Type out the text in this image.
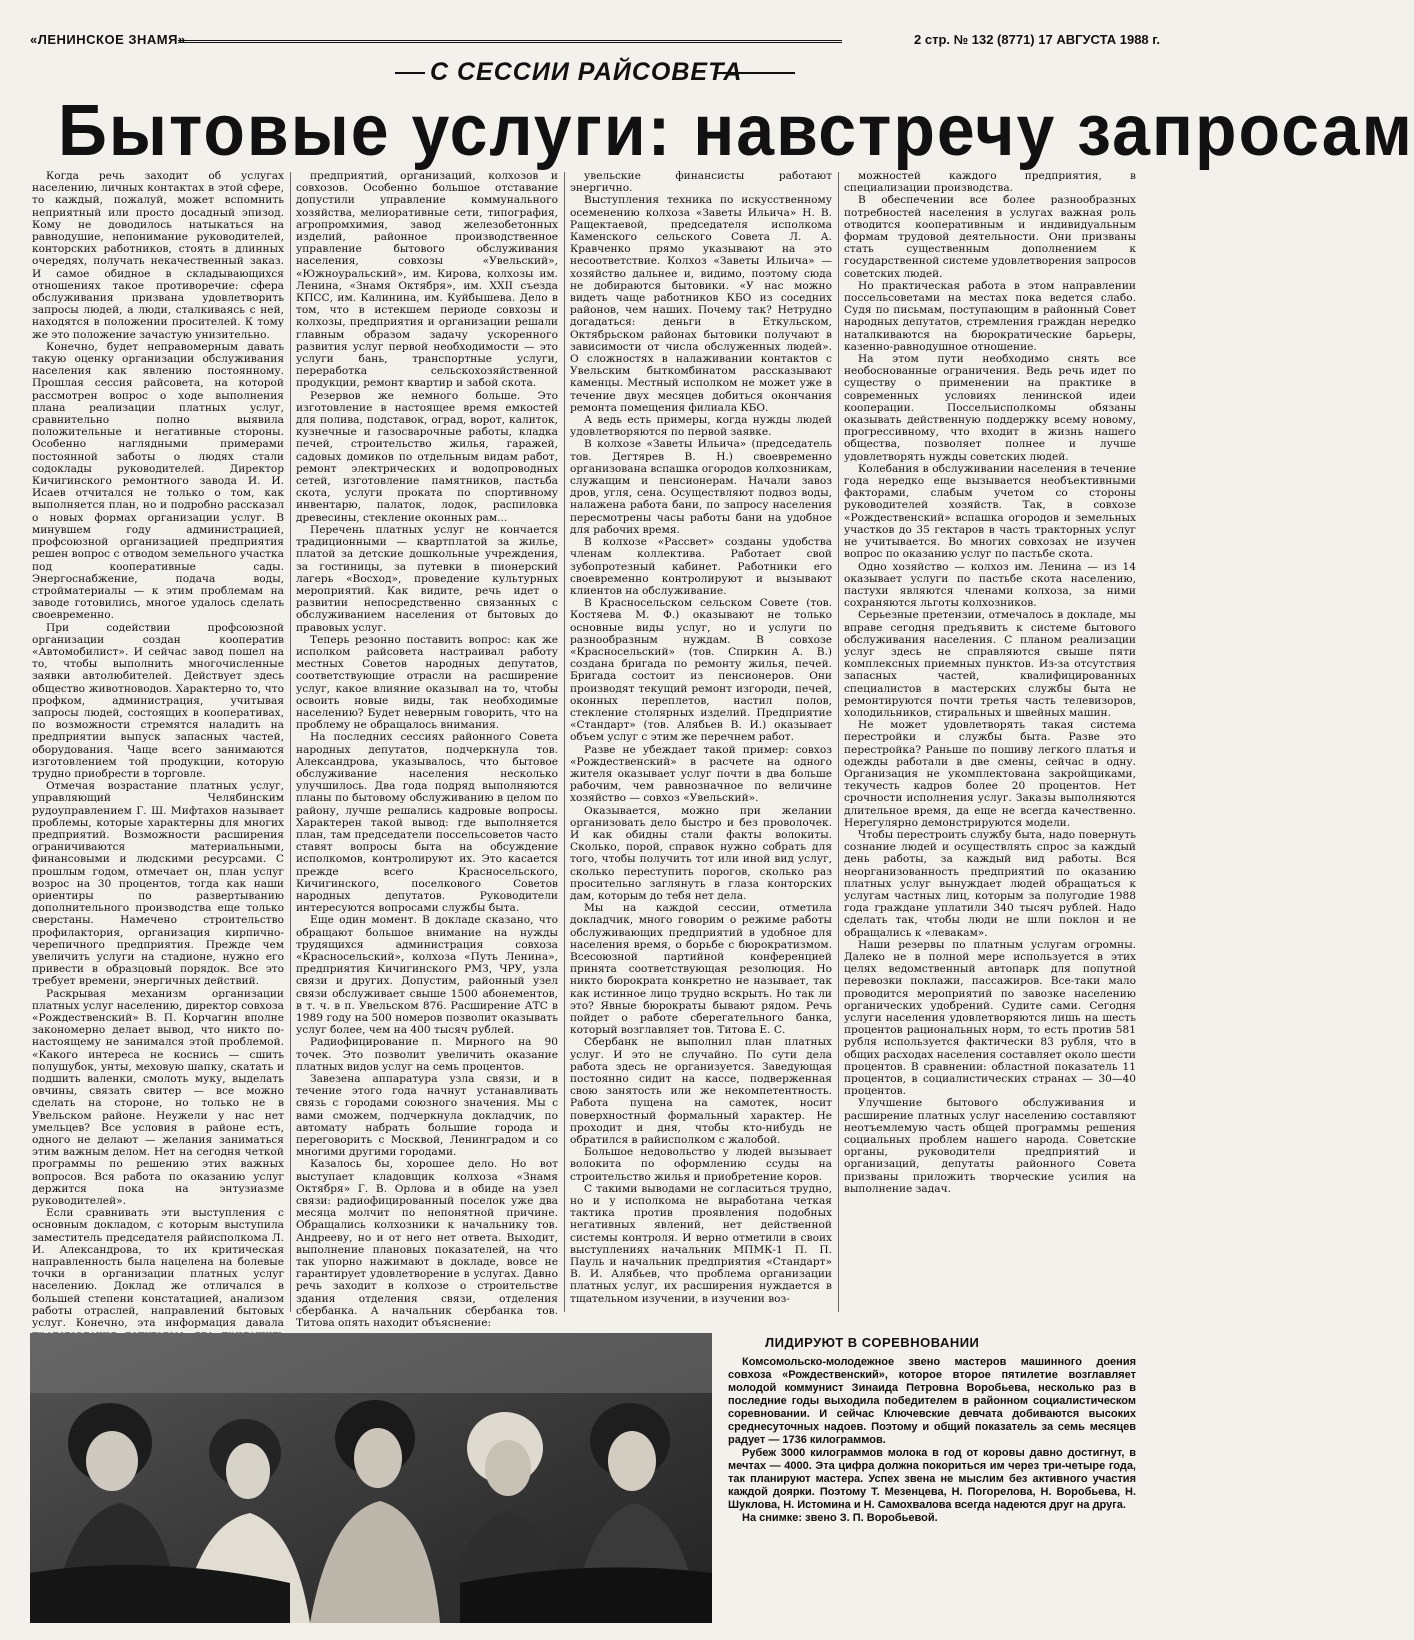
«ЛЕНИНСКОЕ ЗНАМЯ»	2 стр. № 132 (8771) 17 АВГУСТА 1988 г.
С СЕССИИ РАЙСОВЕТА
Бытовые услуги: навстречу запросам

Когда речь заходит об услугах населению, личных контактах в этой сфере, то каждый, пожалуй, может вспомнить неприятный или просто досадный эпизод. Кому не доводилось натыкаться на равнодушие, непонимание руководителей, конторских работников, стоять в длинных очередях, получать некачественный заказ. И самое обидное в складывающихся отношениях такое противоречие: сфера обслуживания призвана удовлетворить запросы людей, а люди, сталкиваясь с ней, находятся в положении просителей. К тому же это положение зачастую унизительно.

Конечно, будет неправомерным давать такую оценку организации обслуживания населения как явлению постоянному. Прошлая сессия райсовета, на которой рассмотрен вопрос о ходе выполнения плана реализации платных услуг, сравнительно полно выявила положительные и негативные стороны. Особенно наглядными примерами постоянной заботы о людях стали содоклады руководителей. Директор Кичигинского ремонтного завода И. И. Исаев отчитался не только о том, как выполняется план, но и подробно рассказал о новых формах организации услуг. В минувшем году администрацией, профсоюзной организацией предприятия решен вопрос с отводом земельного участка под кооперативные сады. Энергоснабжение, подача воды, стройматериалы — к этим проблемам на заводе готовились, многое удалось сделать своевременно.

При содействии профсоюзной организации создан кооператив «Автомобилист». И сейчас завод пошел на то, чтобы выполнить многочисленные заявки автолюбителей. Действует здесь общество животноводов. Характерно то, что профком, администрация, учитывая запросы людей, состоящих в кооперативах, по возможности стремятся наладить на предприятии выпуск запасных частей, оборудования. Чаще всего занимаются изготовлением той продукции, которую трудно приобрести в торговле.

Отмечая возрастание платных услуг, управляющий Челябинским рудоуправлением Г. Ш. Мифтахов называет проблемы, которые характерны для многих предприятий. Возможности расширения ограничиваются материальными, финансовыми и людскими ресурсами. С прошлым годом, отмечает он, план услуг возрос на 30 процентов, тогда как наши ориентиры по развертыванию дополнительного производства еще только сверстаны. Намечено строительство профилактория, организация кирпично-черепичного предприятия. Прежде чем увеличить услуги на стадионе, нужно его привести в образцовый порядок. Все это требует времени, энергичных действий.

Раскрывая механизм организации платных услуг населению, директор совхоза «Рождественский» В. П. Корчагин вполне закономерно делает вывод, что никто по-настоящему не занимался этой проблемой. «Какого интереса не коснись — сшить полушубок, унты, меховую шапку, скатать и подшить валенки, смолоть муку, выделать овчины, связать свитер — все можно сделать на стороне, но только не в Увельском районе. Неужели у нас нет умельцев? Все условия в районе есть, одного не делают — желания заниматься этим важным делом. Нет на сегодня четкой программы по решению этих важных вопросов. Вся работа по оказанию услуг держится пока на энтузиазме руководителей».

Если сравнивать эти выступления с основным докладом, с которым выступила заместитель председателя райисполкома Л. И. Александрова, то их критическая направленность была нацелена на болевые точки в организации платных услуг населению. Доклад же отличался в большей степени констатацией, анализом работы отраслей, направлений бытовых услуг. Конечно, эта информация давала

предприятий, организаций, колхозов и совхозов. Особенно большое отставание допустили управление коммунального хозяйства, мелиоративные сети, типография, агропромхимия, завод железобетонных изделий, районное производственное управление бытового обслуживания населения, совхозы «Увельский», «Южноуральский», им. Кирова, колхозы им. Ленина, «Знамя Октября», им. XXII съезда КПСС, им. Калинина, им. Куйбышева. Дело в том, что в истекшем периоде совхозы и колхозы, предприятия и организации решали главным образом задачу ускоренного развития услуг первой необходимости — это услуги бань, транспортные услуги, переработка сельскохозяйственной продукции, ремонт квартир и забой скота.

Резервов же немного больше. Это изготовление в настоящее время емкостей для полива, подставок, оград, ворот, калиток, кузнечные и газосварочные работы, кладка печей, строительство жилья, гаражей, садовых домиков по отдельным видам работ, ремонт электрических и водопроводных сетей, изготовление памятников, пастьба скота, услуги проката по спортивному инвентарю, палаток, лодок, распиловка древесины, стекление оконных рам...

Перечень платных услуг не кончается традиционными — квартплатой за жилье, платой за детские дошкольные учреждения, за гостиницы, за путевки в пионерский лагерь «Восход», проведение культурных мероприятий. Как видите, речь идет о развитии непосредственно связанных с обслуживанием населения от бытовых до правовых услуг.

Теперь резонно поставить вопрос: как же исполком райсовета настраивал работу местных Советов народных депутатов, соответствующие отрасли на расширение услуг, какое влияние оказывал на то, чтобы освоить новые виды, так необходимые населению? Будет неверным говорить, что на проблему не обращалось внимания.

На последних сессиях районного Совета народных депутатов, подчеркнула тов. Александрова, указывалось, что бытовое обслуживание населения несколько улучшилось. Два года подряд выполняются планы по бытовому обслуживанию в целом по району, лучше решались кадровые вопросы. Характерен такой вывод: где выполняется план, там председатели поссельсоветов часто ставят вопросы быта на обсуждение исполкомов, контролируют их. Это касается прежде всего Красносельского, Кичигинского, поселкового Советов народных депутатов. Руководители интересуются вопросами службы быта.

Еще один момент. В докладе сказано, что обращают большое внимание на нужды трудящихся администрация совхоза «Красносельский», колхоза «Путь Ленина», предприятия Кичигинского РМЗ, ЧРУ, узла связи и других. Допустим, районный узел связи обслуживает свыше 1500 абонементов, в т. ч. в п. Увельском 876. Расширение АТС в 1989 году на 500 номеров позволит оказывать услуг более, чем на 400 тысяч рублей.

Радиофицирование п. Мирного на 90 точек. Это позволит увеличить оказание платных видов услуг на семь процентов.

Завезена аппаратура узла связи, и в течение этого года начнут устанавливать связь с городами союзного значения. Мы с вами сможем, подчеркнула докладчик, по автомату набрать большие города и переговорить с Москвой, Ленинградом и со многими другими городами.

Казалось бы, хорошее дело. Но вот выступает кладовщик колхоза «Знамя Октября» Г. В. Орлова и в обиде на узел связи: радиофицированный поселок уже два месяца молчит по непонятной причине. Обращались колхозники к начальнику тов. Андрееву, но и от него нет ответа. Выходит, выполнение плановых показателей, на что так упорно нажимают в докладе, вовсе не гарантирует удовлетворение в услугах. Давно речь заходит в колхозе о строительстве здания отделения связи, отделения сбербанка. А начальник сбербанка тов. Титова опять находит объяснение:

увельские финансисты работают энергично.

Выступления техника по искусственному осеменению колхоза «Заветы Ильича» Н. В. Ращектаевой, председателя исполкома Каменского сельского Совета Л. А. Кравченко прямо указывают на это несоответствие. Колхоз «Заветы Ильича» — хозяйство дальнее и, видимо, поэтому сюда не добираются бытовики. «У нас можно видеть чаще работников КБО из соседних районов, чем наших. Почему так? Нетрудно догадаться: деньги в Еткульском, Октябрьском районах бытовики получают в зависимости от числа обслуженных людей». О сложностях в налаживании контактов с Увельским быткомбинатом рассказывают каменцы. Местный исполком не может уже в течение двух месяцев добиться окончания ремонта помещения филиала КБО.

А ведь есть примеры, когда нужды людей удовлетворяются по первой заявке.

В колхозе «Заветы Ильича» (председатель тов. Дегтярев В. Н.) своевременно организована вспашка огородов колхозникам, служащим и пенсионерам. Начали завоз дров, угля, сена. Осуществляют подвоз воды, налажена работа бани, по запросу населения пересмотрены часы работы бани на удобное для рабочих время.

В колхозе «Рассвет» созданы удобства членам коллектива. Работает свой зубопротезный кабинет. Работники его своевременно контролируют и вызывают клиентов на обслуживание.

В Красносельском сельском Совете (тов. Костяева М. Ф.) оказывают не только основные виды услуг, но и услуги по разнообразным нуждам. В совхозе «Красносельский» (тов. Спиркин А. В.) создана бригада по ремонту жилья, печей. Бригада состоит из пенсионеров. Они производят текущий ремонт изгороди, печей, оконных переплетов, настил полов, стекление столярных изделий. Предприятие «Стандарт» (тов. Алябьев В. И.) оказывает объем услуг с этим же перечнем работ.

Разве не убеждает такой пример: совхоз «Рождественский» в расчете на одного жителя оказывает услуг почти в два больше рабочим, чем равнозначное по величине хозяйство — совхоз «Увельский».

Оказывается, можно при желании организовать дело быстро и без проволочек. И как обидны стали факты волокиты. Сколько, порой, справок нужно собрать для того, чтобы получить тот или иной вид услуг, сколько переступить порогов, сколько раз просительно заглянуть в глаза конторских дам, которым до тебя нет дела.

Мы на каждой сессии, отметила докладчик, много говорим о режиме работы обслуживающих предприятий в удобное для населения время, о борьбе с бюрократизмом. Всесоюзной партийной конференцией принята соответствующая резолюция. Но никто бюрократа конкретно не называет, так как истинное лицо трудно вскрыть. Но так ли это? Явные бюрократы бывают рядом. Речь пойдет о работе сберегательного банка, который возглавляет тов. Титова Е. С.

Сбербанк не выполнил план платных услуг. И это не случайно. По сути дела работа здесь не организуется. Заведующая постоянно сидит на кассе, подверженная свою занятость или же некомпетентность. Работа пущена на самотек, носит поверхностный формальный характер. Не проходит и дня, чтобы кто-нибудь не обратился в райисполком с жалобой.

Большое недовольство у людей вызывает волокита по оформлению ссуды на строительство жилья и приобретение коров.

С такими выводами не согласиться трудно, но и у исполкома не выработана четкая тактика против проявления подобных негативных явлений, нет действенной системы контроля. И верно отметили в своих выступлениях начальник МПМК-1 П. П. Пауль и начальник предприятия «Стандарт» В. И. Алябьев, что проблема организации платных услуг, их расширения нуждается в тщательном изучении, в изучении воз-

можностей каждого предприятия, в специализации производства.

В обеспечении все более разнообразных потребностей населения в услугах важная роль отводится кооперативным и индивидуальным формам трудовой деятельности. Они призваны стать существенным дополнением к государственной системе удовлетворения запросов советских людей.

Но практическая работа в этом направлении поссельсоветами на местах пока ведется слабо. Судя по письмам, поступающим в районный Совет народных депутатов, стремления граждан нередко наталкиваются на бюрократические барьеры, казенно-равнодушное отношение.

На этом пути необходимо снять все необоснованные ограничения. Ведь речь идет по существу о применении на практике в современных условиях ленинской идеи кооперации. Поссельисполкомы обязаны оказывать действенную поддержку всему новому, прогрессивному, что входит в жизнь нашего общества, позволяет полнее и лучше удовлетворять нужды советских людей.

Колебания в обслуживании населения в течение года нередко еще вызывается необъективными факторами, слабым учетом со стороны руководителей хозяйств. Так, в совхозе «Рождественский» вспашка огородов и земельных участков до 35 гектаров в часть тракторных услуг не учитывается. Во многих совхозах не изучен вопрос по оказанию услуг по пастьбе скота.

Одно хозяйство — колхоз им. Ленина — из 14 оказывает услуги по пастьбе скота населению, пастухи являются членами колхоза, за ними сохраняются льготы колхозников.

Серьезные претензии, отмечалось в докладе, мы вправе сегодня предъявить к системе бытового обслуживания населения. С планом реализации услуг здесь не справляются свыше пяти комплексных приемных пунктов. Из-за отсутствия запасных частей, квалифицированных специалистов в мастерских службы быта не ремонтируются почти третья часть телевизоров, холодильников, стиральных и швейных машин.

Не может удовлетворять такая система перестройки и службы быта. Разве это перестройка? Раньше по пошиву легкого платья и одежды работали в две смены, сейчас в одну. Организация не укомплектована закройщиками, текучесть кадров более 20 процентов. Нет срочности исполнения услуг. Заказы выполняются длительное время, да еще не всегда качественно. Нерегулярно демонстрируются модели.

Чтобы перестроить службу быта, надо повернуть сознание людей и осуществлять спрос за каждый день работы, за каждый вид работы. Вся неорганизованность предприятий по оказанию платных услуг вынуждает людей обращаться к услугам частных лиц, которым за полугодие 1988 года граждане уплатили 340 тысяч рублей. Надо сделать так, чтобы люди не шли поклон и не обращались к «левакам».

Наши резервы по платным услугам огромны. Далеко не в полной мере используется в этих целях ведомственный автопарк для попутной перевозки поклажи, пассажиров. Все-таки мало проводится мероприятий по завозке населению органических удобрений. Судите сами. Сегодня услуги населения удовлетворяются лишь на шесть процентов рациональных норм, то есть против 581 рубля используется фактически 83 рубля, что в общих расходах населения составляет около шести процентов. В сравнении: областной показатель 11 процентов, в социалистических странах — 30—40 процентов.

Улучшение бытового обслуживания и расширение платных услуг населению составляют неотъемлемую часть общей программы решения социальных проблем нашего народа. Советские органы, руководители предприятий и организаций, депутаты районного Совета призваны приложить творческие усилия на выполнение задач.

ЛИДИРУЮТ В СОРЕВНОВАНИИ

Комсомольско-молодежное звено мастеров машинного доения совхоза «Рождественский», которое второе пятилетие возглавляет молодой коммунист Зинаида Петровна Воробьева, несколько раз в последние годы выходила победителем в районном социалистическом соревновании. И сейчас Ключевские девчата добиваются высоких среднесуточных надоев. Поэтому и общий показатель за семь месяцев радует — 1736 килограммов.

Рубеж 3000 килограммов молока в год от коровы давно достигнут, в мечтах — 4000. Эта цифра должна покориться им через три-четыре года, так планируют мастера. Успех звена не мыслим без активного участия каждой доярки. Поэтому Т. Мезенцева, Н. Погорелова, Н. Воробьева, Н. Шуклова, Н. Истомина и Н. Самохвалова всегда надеются друг на друга.

На снимке: звено З. П. Воробьевой.
